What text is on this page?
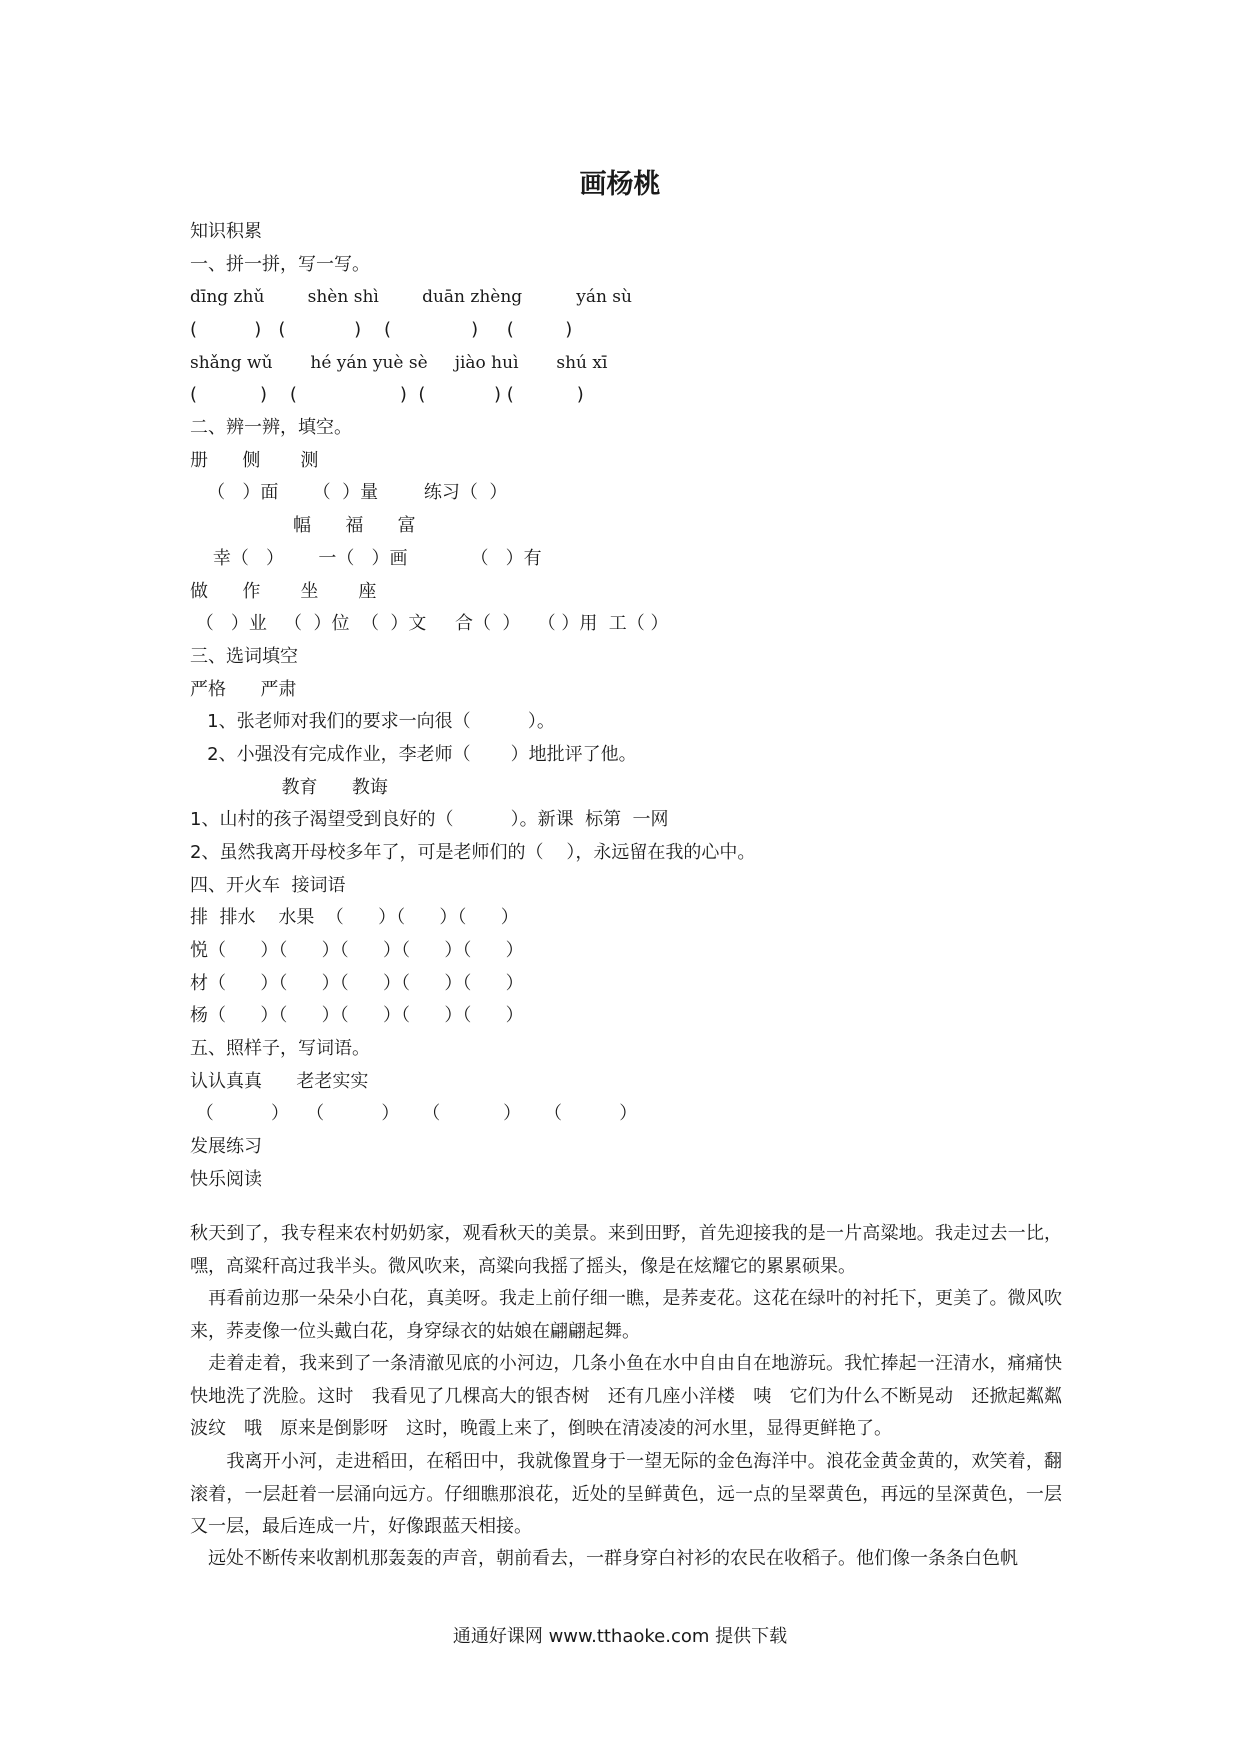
画杨桃
知识积累
一、拼一拼，写一写。
dīng zhǔ        shèn shì        duān zhèng          yán sù
(          )   (            )    (              )     (         )
shǎng wǔ       hé yán yuè sè     jiào huì       shú xī
(           )    (                  )  (            ) (           )
二、辨一辨，填空。
册      侧       测
（   ）面      （  ）量        练习（  ）
幅      福      富
幸（   ）      一（   ）画           （   ）有
做      作       坐       座
（   ）业   （  ）位  （  ）文     合（  ）   （ ）用  工（ ）
三、选词填空
严格      严肃
1、张老师对我们的要求一向很（          ）。
2、小强没有完成作业，李老师（       ）地批评了他。
教育      教诲
1、山村的孩子渴望受到良好的（          ）。新课  标第  一网
2、虽然我离开母校多年了，可是老师们的（    ），永远留在我的心中。
四、开火车  接词语
排  排水    水果  （      ）（      ）（      ）
悦（      ）（      ）（      ）（      ）（      ）
材（      ）（      ）（      ）（      ）（      ）
杨（      ）（      ）（      ）（      ）（      ）
五、照样子，写词语。
认认真真      老老实实
（          ）   （          ）    （           ）    （          ）
发展练习
快乐阅读

秋天到了，我专程来农村奶奶家，观看秋天的美景。来到田野，首先迎接我的是一片高粱地。我走过去一比，嘿，高粱秆高过我半头。微风吹来，高粱向我摇了摇头，像是在炫耀它的累累硕果。

　再看前边那一朵朵小白花，真美呀。我走上前仔细一瞧，是荞麦花。这花在绿叶的衬托下，更美了。微风吹来，荞麦像一位头戴白花，身穿绿衣的姑娘在翩翩起舞。

　走着走着，我来到了一条清澈见底的小河边，几条小鱼在水中自由自在地游玩。我忙捧起一汪清水，痛痛快快地洗了洗脸。这时　我看见了几棵高大的银杏树　还有几座小洋楼　咦　它们为什么不断晃动　还掀起粼粼波纹　哦　原来是倒影呀　这时，晚霞上来了，倒映在清凌凌的河水里，显得更鲜艳了。

　　我离开小河，走进稻田，在稻田中，我就像置身于一望无际的金色海洋中。浪花金黄金黄的，欢笑着，翻滚着，一层赶着一层涌向远方。仔细瞧那浪花，近处的呈鲜黄色，远一点的呈翠黄色，再远的呈深黄色，一层又一层，最后连成一片，好像跟蓝天相接。

　远处不断传来收割机那轰轰的声音，朝前看去，一群身穿白衬衫的农民在收稻子。他们像一条条白色帆

通通好课网 www.tthaoke.com 提供下载
